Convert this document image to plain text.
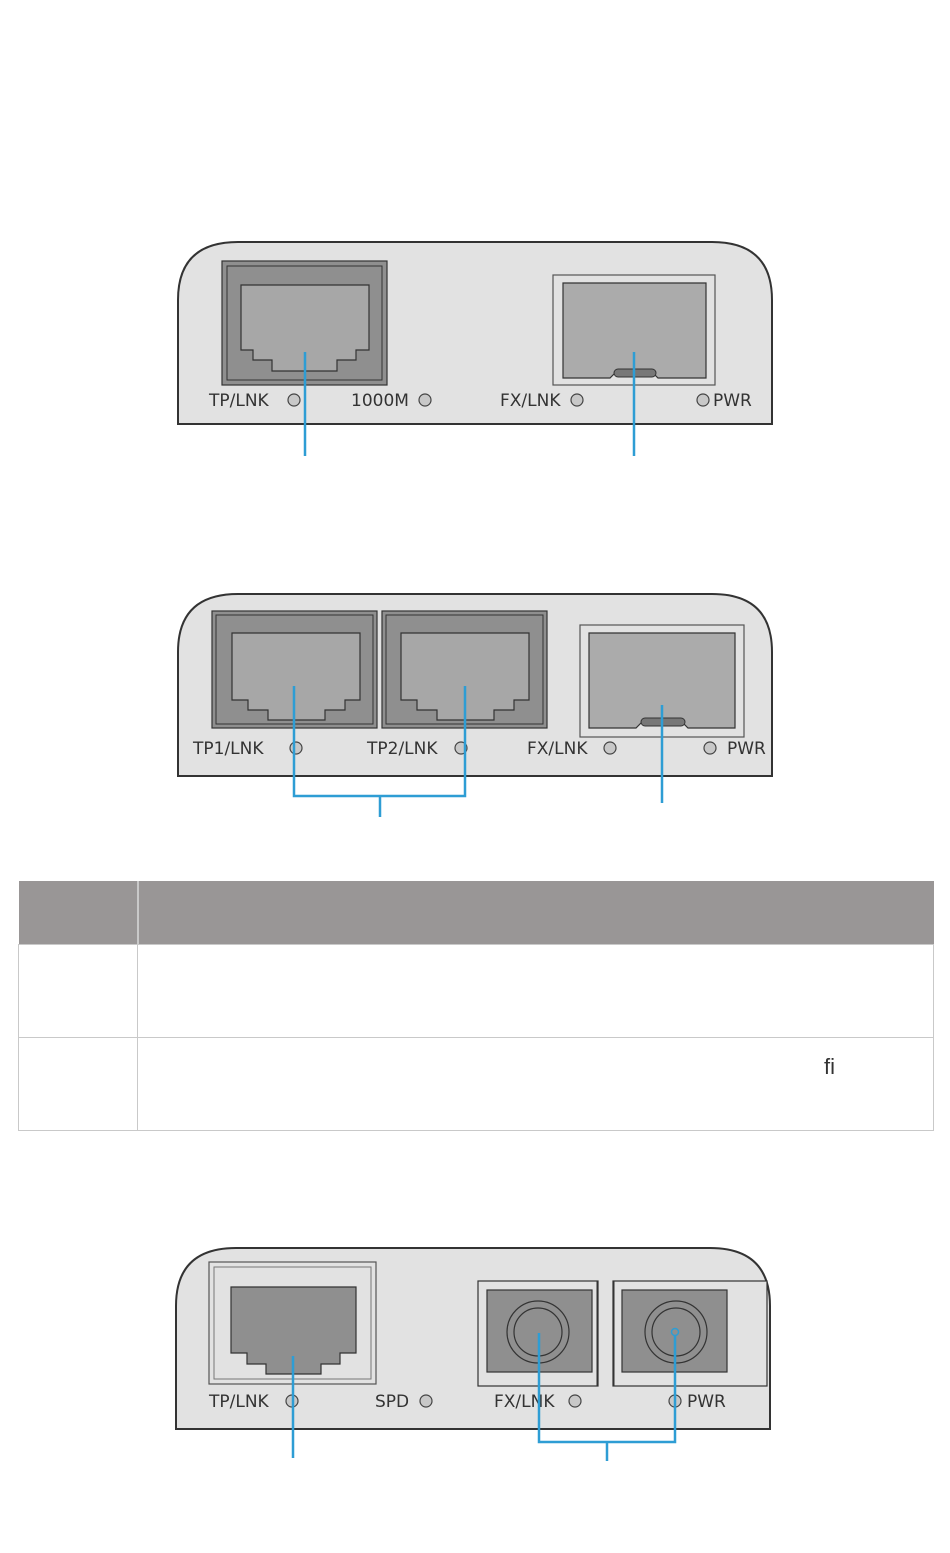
TP/LNK	1000M	FX/LNK	PWR
TP1/LNK	TP2/LNK	FX/LNK	PWR

	fi
TP/LNK	SPD	FX/LNK	PWR
